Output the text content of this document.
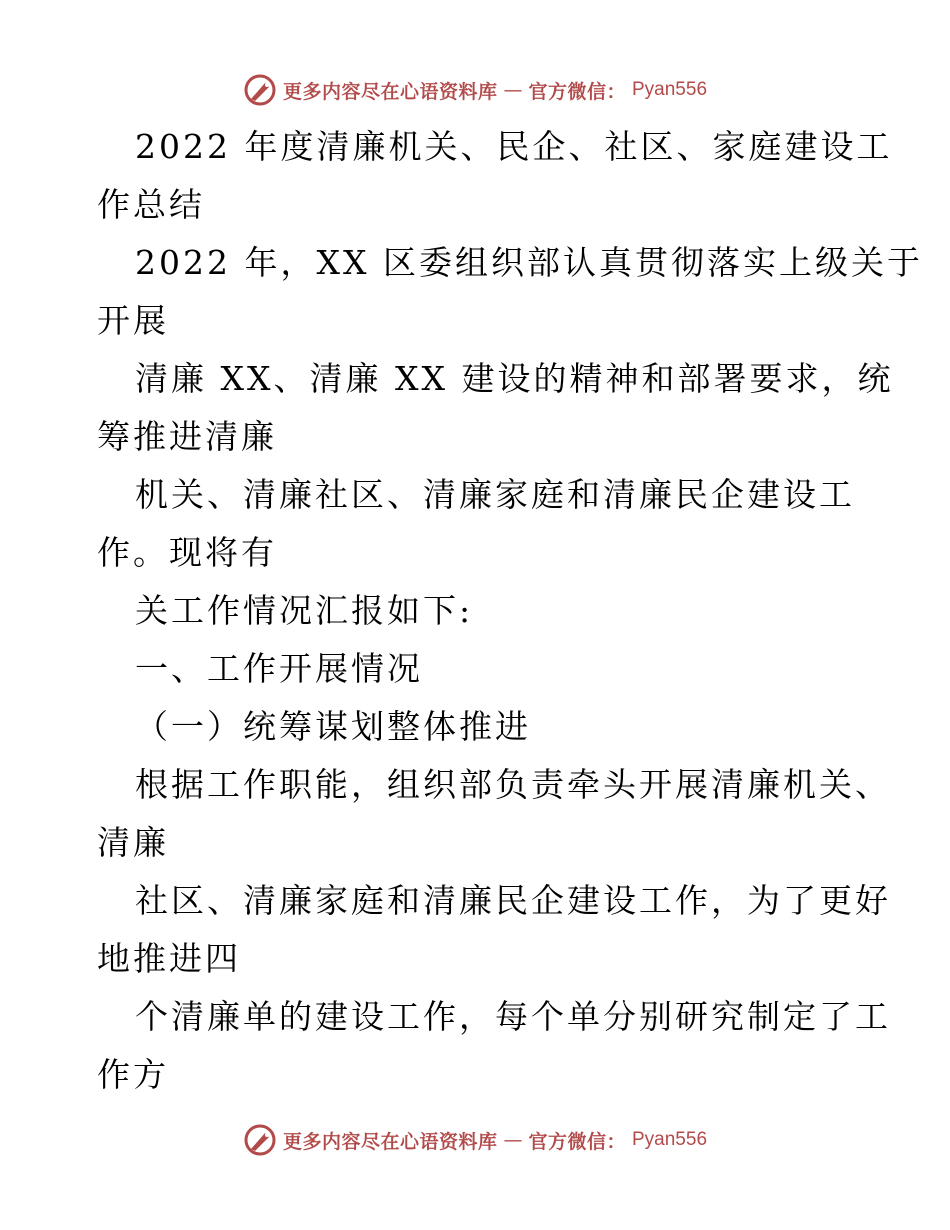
更多内容尽在心语资料库 — 官方微信： Pyan556
2022 年度清廉机关、民企、社区、家庭建设工
作总结
2022 年，XX 区委组织部认真贯彻落实上级关于
开展
清廉 XX、清廉 XX 建设的精神和部署要求，统
筹推进清廉
机关、清廉社区、清廉家庭和清廉民企建设工
作。现将有
关工作情况汇报如下:
一、工作开展情况
（一）统筹谋划整体推进
根据工作职能，组织部负责牵头开展清廉机关、
清廉
社区、清廉家庭和清廉民企建设工作，为了更好
地推进四
个清廉单的建设工作，每个单分别研究制定了工
作方
更多内容尽在心语资料库 — 官方微信： Pyan556
